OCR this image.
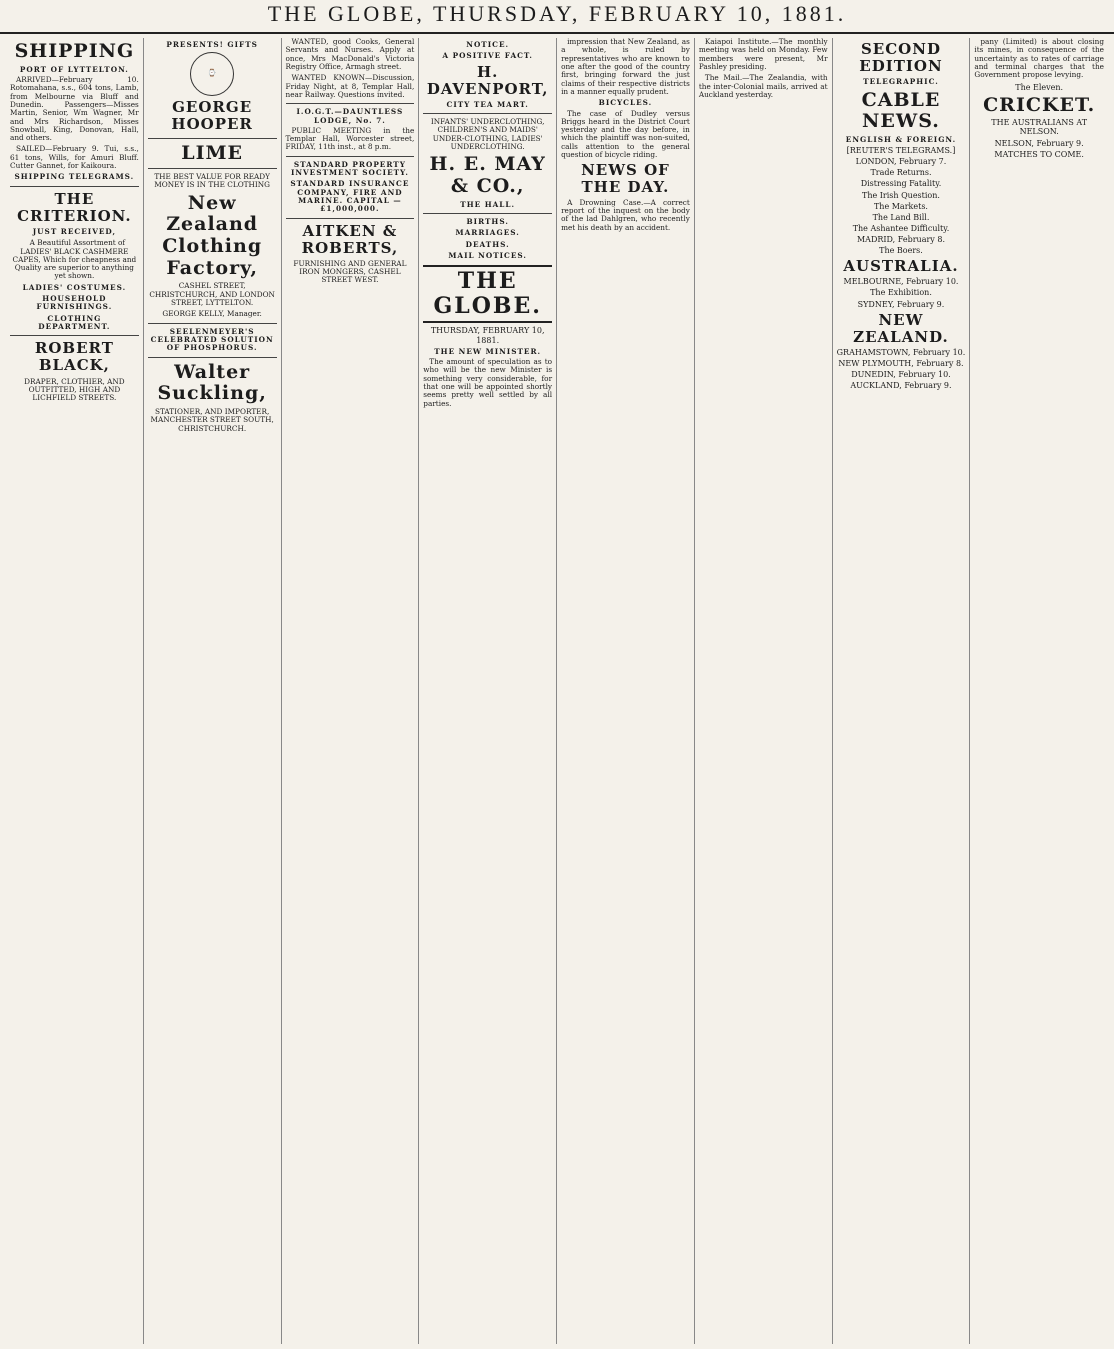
THE GLOBE, THURSDAY, FEBRUARY 10, 1881.
SHIPPING
PORT OF LYTTELTON.

ARRIVED—February 10. Rotomahana, s.s., 604 tons, Lamb, from Melbourne via Bluff and Dunedin. Passengers—Misses Martin, Senior, Wm Wagner, Mr and Mrs Richardson, Misses Snowball, King, Donovan, Hall, and others.

SAILED—February 9. Tui, s.s., 61 tons, Wills, for Amuri Bluff. Cutter Gannet, for Kaikoura.

SHIPPING TELEGRAMS.
THE CRITERION.
JUST RECEIVED,

A Beautiful Assortment of LADIES' BLACK CASHMERE CAPES, Which for cheapness and Quality are superior to anything yet shown.

LADIES' COSTUMES.
HOUSEHOLD FURNISHINGS.
CLOTHING DEPARTMENT.
ROBERT BLACK,
DRAPER, CLOTHIER, AND OUTFITTED, HIGH AND LICHFIELD STREETS.
PRESENTS! GIFTS
⌚
GEORGE HOOPER
LIME
THE BEST VALUE FOR READY MONEY IS IN THE CLOTHING
New Zealand Clothing Factory,
CASHEL STREET, CHRISTCHURCH, AND LONDON STREET, LYTTELTON.
GEORGE KELLY, Manager.
SEELENMEYER'S CELEBRATED SOLUTION OF PHOSPHORUS.
Walter Suckling,
STATIONER, AND IMPORTER, MANCHESTER STREET SOUTH, CHRISTCHURCH.

WANTED, good Cooks, General Servants and Nurses. Apply at once, Mrs MacDonald's Victoria Registry Office, Armagh street.

WANTED KNOWN—Discussion, Friday Night, at 8, Templar Hall, near Railway. Questions invited.

I.O.G.T.—DAUNTLESS LODGE, No. 7.

PUBLIC MEETING in the Templar Hall, Worcester street, FRIDAY, 11th inst., at 8 p.m.

STANDARD PROPERTY INVESTMENT SOCIETY.
STANDARD INSURANCE COMPANY, FIRE AND MARINE. CAPITAL — £1,000,000.
AITKEN & ROBERTS,
FURNISHING AND GENERAL IRON MONGERS, CASHEL STREET WEST.
NOTICE.
A POSITIVE FACT.
H. DAVENPORT,
CITY TEA MART.
INFANTS' UNDERCLOTHING, CHILDREN'S AND MAIDS' UNDER-CLOTHING, LADIES' UNDERCLOTHING.
H. E. MAY & CO.,
THE HALL.
BIRTHS.
MARRIAGES.
DEATHS.
MAIL NOTICES.
THE GLOBE.
THURSDAY, FEBRUARY 10, 1881.
THE NEW MINISTER.

The amount of speculation as to who will be the new Minister is something very considerable, for that one will be appointed shortly seems pretty well settled by all parties.

impression that New Zealand, as a whole, is ruled by representatives who are known to one after the good of the country first, bringing forward the just claims of their respective districts in a manner equally prudent.

BICYCLES.

The case of Dudley versus Briggs heard in the District Court yesterday and the day before, in which the plaintiff was non-suited, calls attention to the general question of bicycle riding.

NEWS OF THE DAY.

A Drowning Case.—A correct report of the inquest on the body of the lad Dahlgren, who recently met his death by an accident.

Kaiapoi Institute.—The monthly meeting was held on Monday. Few members were present, Mr Pashley presiding.

The Mail.—The Zealandia, with the inter-Colonial mails, arrived at Auckland yesterday.

SECOND EDITION
TELEGRAPHIC.
CABLE NEWS.
ENGLISH & FOREIGN.
[REUTER'S TELEGRAMS.]
LONDON, February 7.
Trade Returns.
Distressing Fatality.
The Irish Question.
The Markets.
The Land Bill.
The Ashantee Difficulty.
MADRID, February 8.
The Boers.
AUSTRALIA.
MELBOURNE, February 10.
The Exhibition.
SYDNEY, February 9.
NEW ZEALAND.
GRAHAMSTOWN, February 10.
NEW PLYMOUTH, February 8.
DUNEDIN, February 10.
AUCKLAND, February 9.

pany (Limited) is about closing its mines, in consequence of the uncertainty as to rates of carriage and terminal charges that the Government propose levying.

The Eleven.
CRICKET.
THE AUSTRALIANS AT NELSON.
NELSON, February 9.
MATCHES TO COME.
